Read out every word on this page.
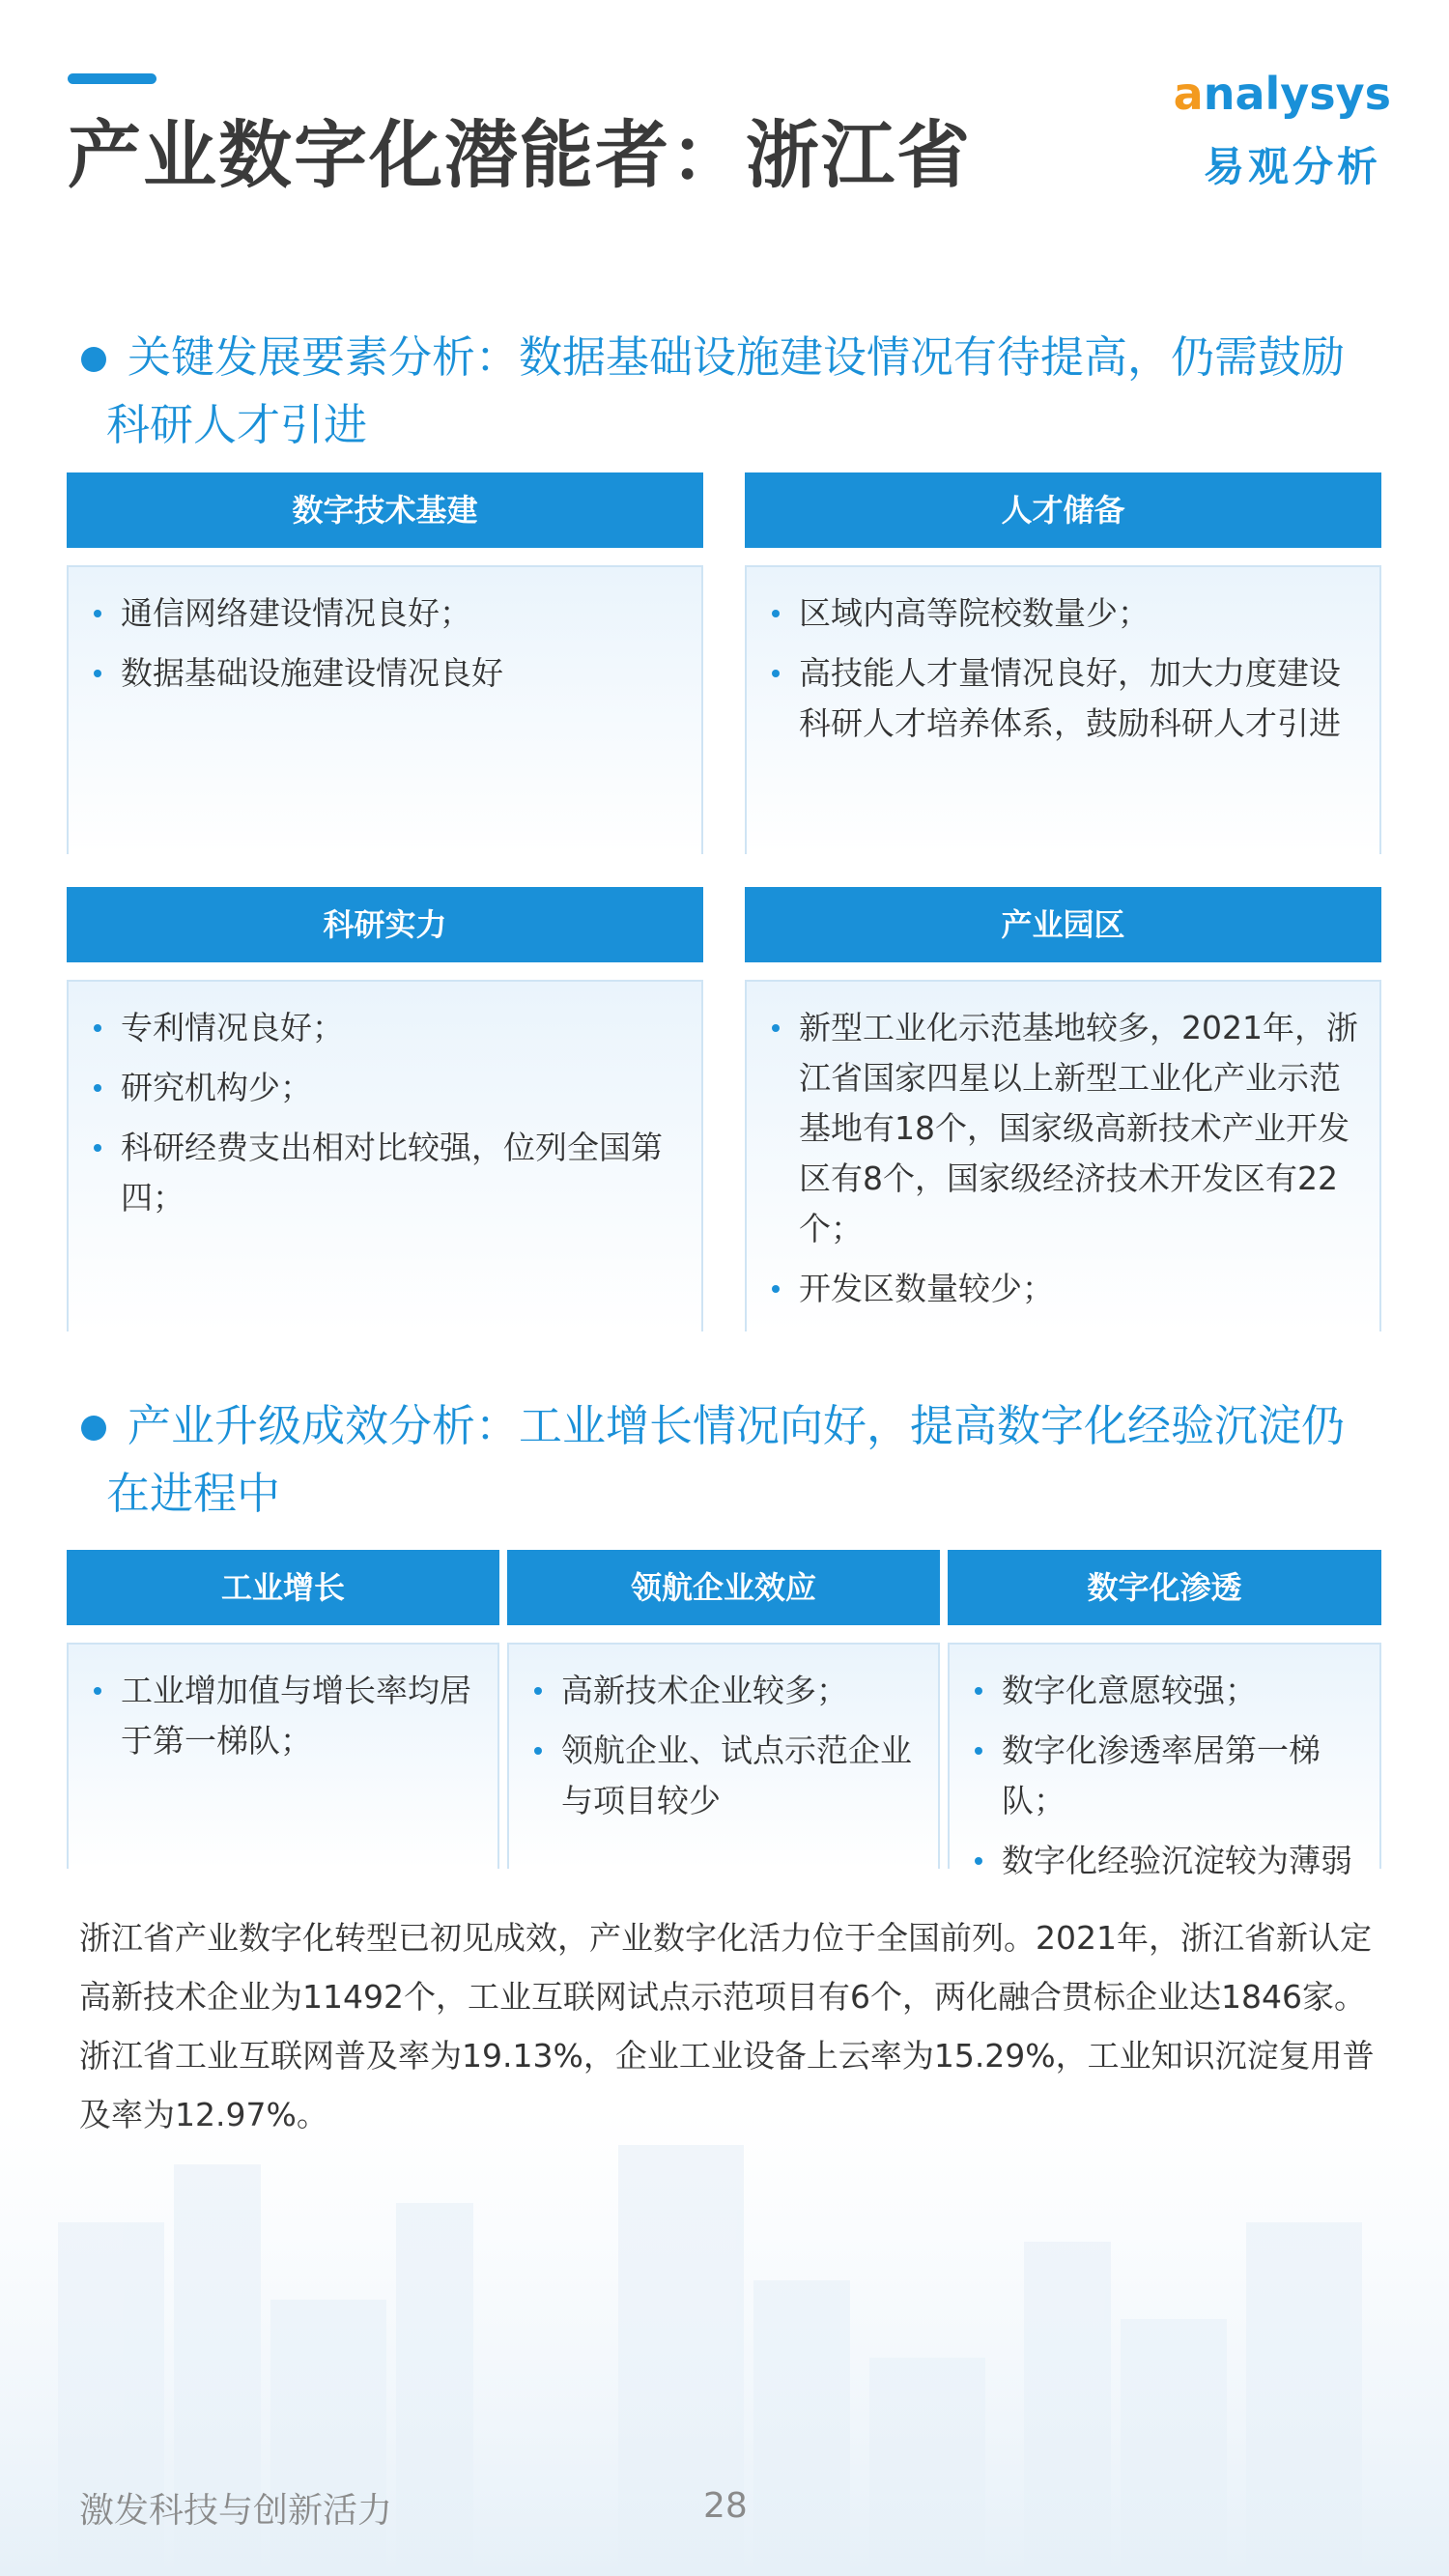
产业数字化潜能者：浙江省
analysys
易观分析
关键发展要素分析：数据基础设施建设情况有待提高，仍需鼓励
科研人才引进
数字技术基建
通信网络建设情况良好；
数据基础设施建设情况良好
人才储备
区域内高等院校数量少；
高技能人才量情况良好，加大力度建设科研人才培养体系，鼓励科研人才引进
科研实力
专利情况良好；
研究机构少；
科研经费支出相对比较强，位列全国第四；
产业园区
新型工业化示范基地较多，2021年，浙江省国家四星以上新型工业化产业示范基地有18个，国家级高新技术产业开发区有8个，国家级经济技术开发区有22个；
开发区数量较少；
产业升级成效分析：工业增长情况向好，提高数字化经验沉淀仍
在进程中
工业增长
工业增加值与增长率均居于第一梯队；
领航企业效应
高新技术企业较多；
领航企业、试点示范企业与项目较少
数字化渗透
数字化意愿较强；
数字化渗透率居第一梯队；
数字化经验沉淀较为薄弱
浙江省产业数字化转型已初见成效，产业数字化活力位于全国前列。2021年，浙江省新认定高新技术企业为11492个，工业互联网试点示范项目有6个，两化融合贯标企业达1846家。浙江省工业互联网普及率为19.13%，企业工业设备上云率为15.29%，工业知识沉淀复用普
激发科技与创新活力	28
